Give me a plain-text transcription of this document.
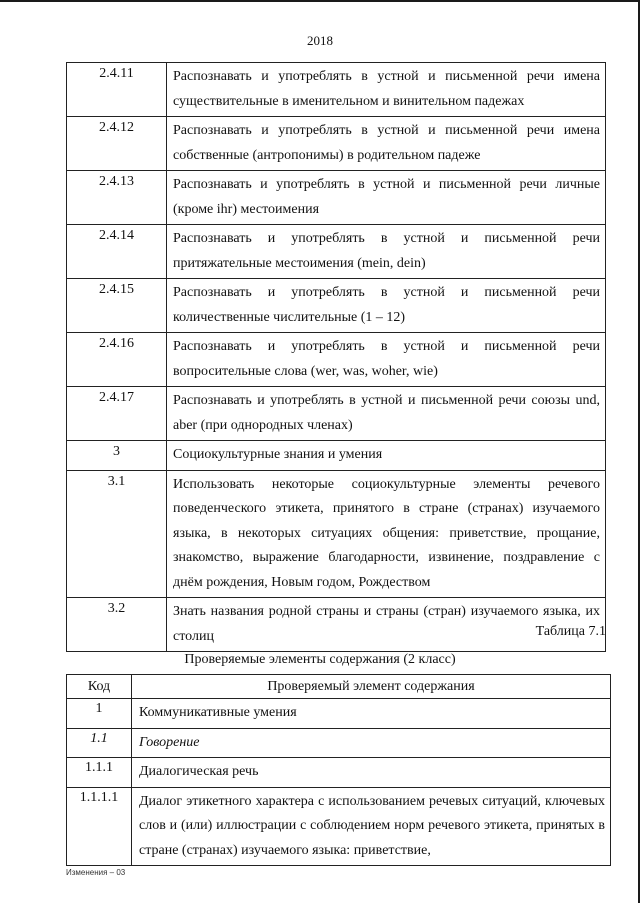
2018
2.4.11	Распознавать и употреблять в устной и письменной речи имена существительные в именительном и винительном падежах
2.4.12	Распознавать и употреблять в устной и письменной речи имена собственные (антропонимы) в родительном падеже
2.4.13	Распознавать и употреблять в устной и письменной речи личные (кроме ihr) местоимения
2.4.14	Распознавать и употреблять в устной и письменной речи притяжательные местоимения (mein, dein)
2.4.15	Распознавать и употреблять в устной и письменной речи количественные числительные (1 – 12)
2.4.16	Распознавать и употреблять в устной и письменной речи вопросительные слова (wer, was, woher, wie)
2.4.17	Распознавать и употреблять в устной и письменной речи союзы und, aber (при однородных членах)
3	Социокультурные знания и умения
3.1	Использовать некоторые социокультурные элементы речевого поведенческого этикета, принятого в стране (странах) изучаемого языка, в некоторых ситуациях общения: приветствие, прощание, знакомство, выражение благодарности, извинение, поздравление с днём рождения, Новым годом, Рождеством
3.2	Знать названия родной страны и страны (стран) изучаемого языка, их столиц	Таблица 7.1
Проверяемые элементы содержания (2 класс)
Код	Проверяемый элемент содержания
1	Коммуникативные умения
1.1	Говорение
1.1.1	Диалогическая речь
1.1.1.1	Диалог этикетного характера с использованием речевых ситуаций, ключевых слов и (или) иллюстрации с соблюдением норм речевого этикета, принятых в стране (странах) изучаемого языка: приветствие,
Изменения – 03
